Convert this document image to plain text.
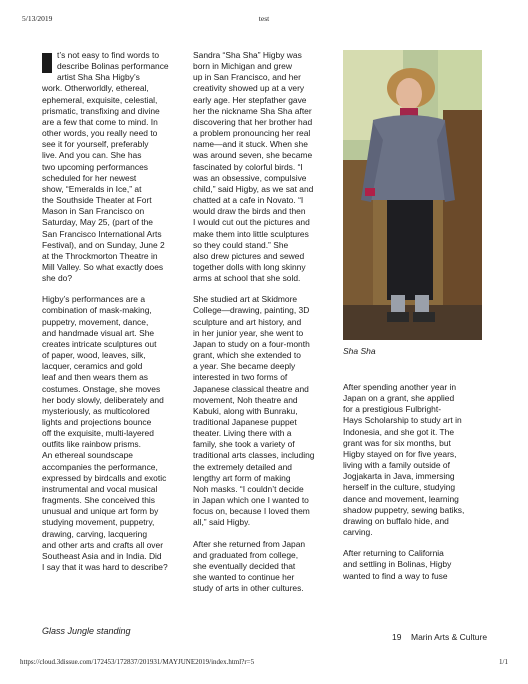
5/13/2019	test

t’s not easy to find words to
describe Bolinas performance
artist Sha Sha Higby’s
work. Otherworldly, ethereal,
ephemeral, exquisite, celestial,
prismatic, transfixing and divine
are a few that come to mind. In
other words, you really need to
see it for yourself, preferably
live. And you can. She has
two upcoming performances
scheduled for her newest
show, “Emeralds in Ice,” at
the Southside Theater at Fort
Mason in San Francisco on
Saturday, May 25, (part of the
San Francisco International Arts
Festival), and on Sunday, June 2
at the Throckmorton Theatre in
Mill Valley. So what exactly does
she do?

Higby’s performances are a
combination of mask-making,
puppetry, movement, dance,
and handmade visual art. She
creates intricate sculptures out
of paper, wood, leaves, silk,
lacquer, ceramics and gold
leaf and then wears them as
costumes. Onstage, she moves
her body slowly, deliberately and
mysteriously, as multicolored
lights and projections bounce
off the exquisite, multi-layered
outfits like rainbow prisms.
An ethereal soundscape
accompanies the performance,
expressed by birdcalls and exotic
instrumental and vocal musical
fragments. She conceived this
unusual and unique art form by
studying movement, puppetry,
drawing, carving, lacquering
and other arts and crafts all over
Southeast Asia and in India. Did
I say that it was hard to describe?

Sandra “Sha Sha” Higby was
born in Michigan and grew
up in San Francisco, and her
creativity showed up at a very
early age. Her stepfather gave
her the nickname Sha Sha after
discovering that her brother had
a problem pronouncing her real
name—and it stuck. When she
was around seven, she became
fascinated by colorful birds. “I
was an obsessive, compulsive
child,” said Higby, as we sat and
chatted at a cafe in Novato. “I
would draw the birds and then
I would cut out the pictures and
make them into little sculptures
so they could stand.” She
also drew pictures and sewed
together dolls with long skinny
arms at school that she sold.

She studied art at Skidmore
College—drawing, painting, 3D
sculpture and art history, and
in her junior year, she went to
Japan to study on a four-month
grant, which she extended to
a year. She became deeply
interested in two forms of
Japanese classical theatre and
movement, Noh theatre and
Kabuki, along with Bunraku,
traditional Japanese puppet
theater. Living there with a
family, she took a variety of
traditional arts classes, including
the extremely detailed and
lengthy art form of making
Noh masks. “I couldn’t decide
in Japan which one I wanted to
focus on, because I loved them
all,” said Higby.

After she returned from Japan
and graduated from college,
she eventually decided that
she wanted to continue her
study of arts in other cultures.

Sha Sha

After spending another year in
Japan on a grant, she applied
for a prestigious Fulbright-
Hays Scholarship to study art in
Indonesia, and she got it. The
grant was for six months, but
Higby stayed on for five years,
living with a family outside of
Jogjakarta in Java, immersing
herself in the culture, studying
dance and movement, learning
shadow puppetry, sewing batiks,
drawing on buffalo hide, and
carving.

After returning to California
and settling in Bolinas, Higby
wanted to find a way to fuse

Glass Jungle standing
19 Marin Arts & Culture
https://cloud.3dissue.com/172453/172837/201931/MAYJUNE2019/index.html?r=5	1/1
